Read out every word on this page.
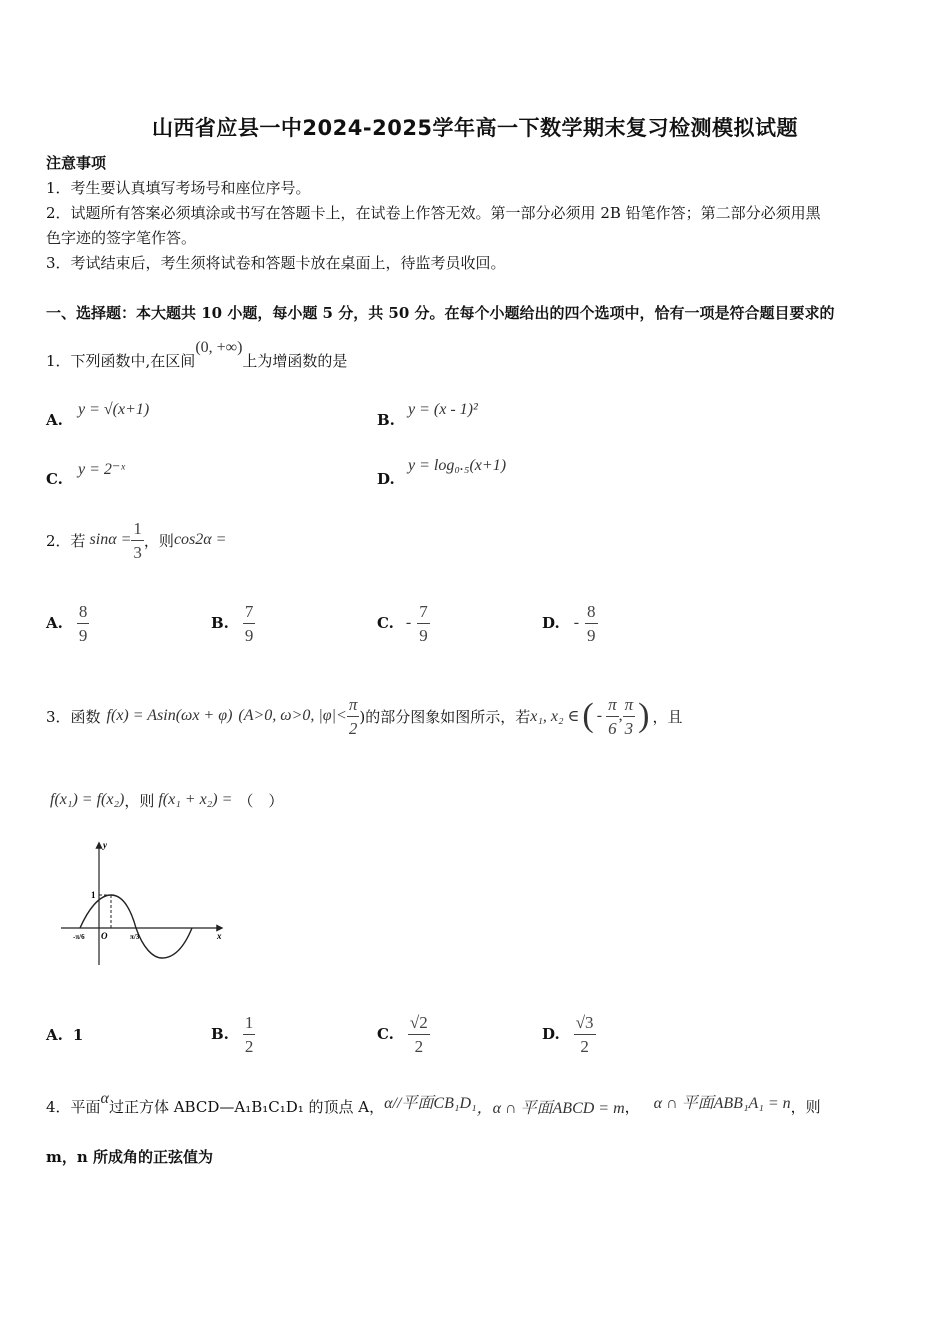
山西省应县一中2024-2025学年高一下数学期末复习检测模拟试题
注意事项
1．考生要认真填写考场号和座位序号。
2．试题所有答案必须填涂或书写在答题卡上，在试卷上作答无效。第一部分必须用 2B 铅笔作答；第二部分必须用黑
色字迹的签字笔作答。
3．考试结束后，考生须将试卷和答题卡放在桌面上，待监考员收回。
一、选择题：本大题共 10 小题，每小题 5 分，共 50 分。在每个小题给出的四个选项中，恰有一项是符合题目要求的
1．下列函数中,在区间(0, +∞)上为增函数的是
A.
y = √(x+1)
B.
y = (x - 1)²
C.
y = 2⁻ˣ
D.
y = log₀.₅(x+1)
2．若 $\sin\alpha = \frac{1}{3}$ ，则 cos2α =
A. $\frac{8}{9}$	B. $\frac{7}{9}$	C. - $\frac{7}{9}$	D. - $\frac{8}{9}$
3．函数 f(x) = Asin(ωx + φ) (A>0, ω>0, $|\varphi|< \frac{\pi}{2}$ )的部分图象如图所示，若 x₁, x₂ ∈ ( - $\frac{\pi}{6}$ , $\frac{\pi}{3}$ ) ，且
f(x₁) = f(x₂) ，则 f(x₁ + x₂) = （　）
x
y
1
O
-π/6	π/3
A. 1	B. $\frac{1}{2}$	C. $\frac{√2}{2}$	D. $\frac{√3}{2}$
4．平面 α 过正方体 ABCD—A₁B₁C₁D₁ 的顶点 A， α//平面CB₁D₁ ，α ∩ 平面ABCD = m ， α ∩ 平面ABB₁A₁ = n ，则
m，n 所成角的正弦值为
